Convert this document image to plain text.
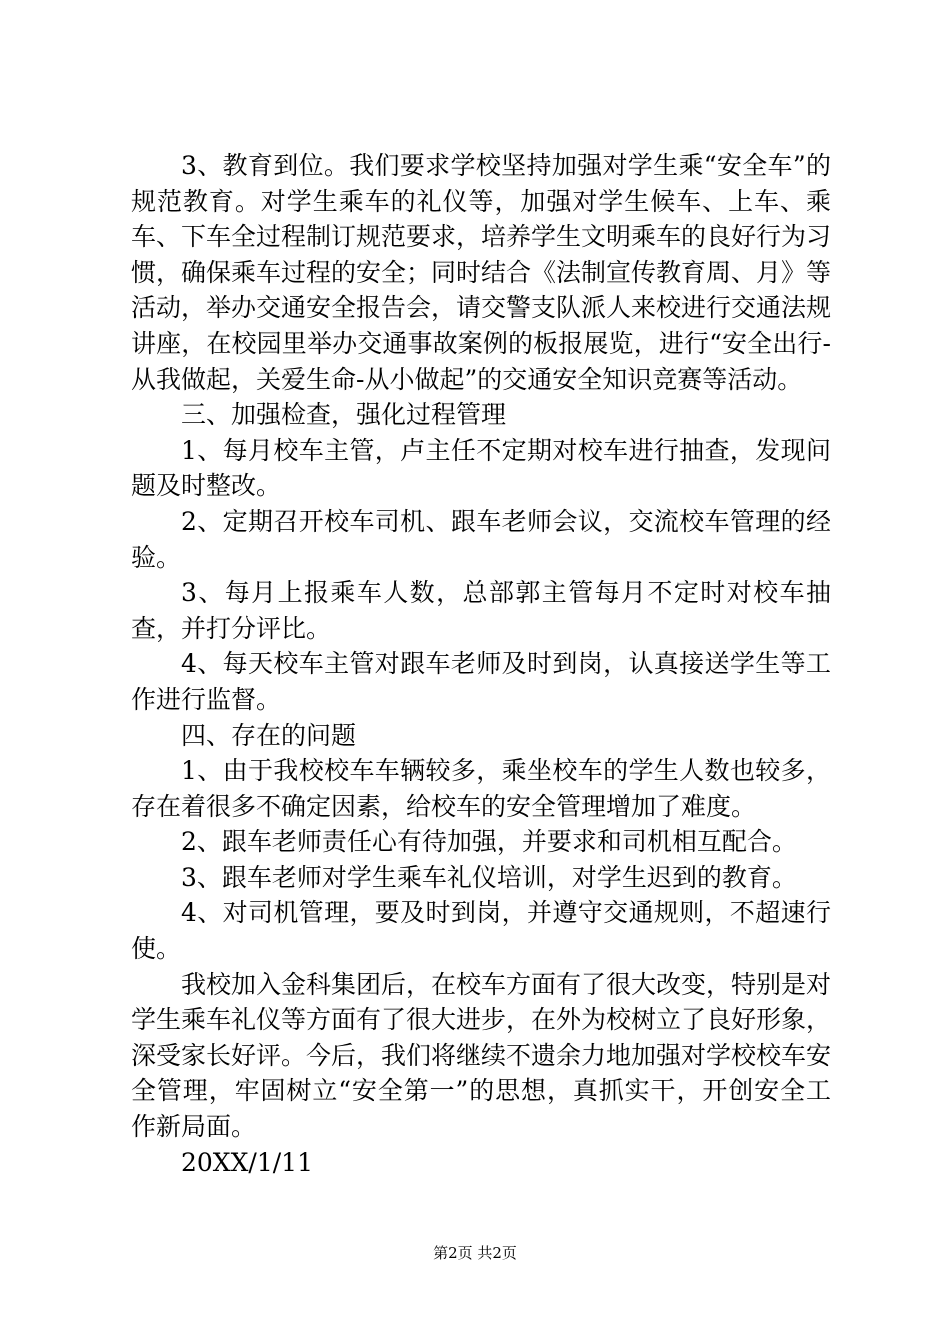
3、教育到位。我们要求学校坚持加强对学生乘“安全车”的规范教育。对学生乘车的礼仪等，加强对学生候车、上车、乘车、下车全过程制订规范要求，培养学生文明乘车的良好行为习惯，确保乘车过程的安全；同时结合《法制宣传教育周、月》等活动，举办交通安全报告会，请交警支队派人来校进行交通法规讲座，在校园里举办交通事故案例的板报展览，进行“安全出行-从我做起，关爱生命-从小做起”的交通安全知识竞赛等活动。

三、加强检查，强化过程管理

1、每月校车主管，卢主任不定期对校车进行抽查，发现问题及时整改。

2、定期召开校车司机、跟车老师会议，交流校车管理的经验。

3、每月上报乘车人数，总部郭主管每月不定时对校车抽查，并打分评比。

4、每天校车主管对跟车老师及时到岗，认真接送学生等工作进行监督。

四、存在的问题

1、由于我校校车车辆较多，乘坐校车的学生人数也较多，存在着很多不确定因素，给校车的安全管理增加了难度。

2、跟车老师责任心有待加强，并要求和司机相互配合。

3、跟车老师对学生乘车礼仪培训，对学生迟到的教育。

4、对司机管理，要及时到岗，并遵守交通规则，不超速行使。

我校加入金科集团后，在校车方面有了很大改变，特别是对学生乘车礼仪等方面有了很大进步，在外为校树立了良好形象，深受家长好评。今后，我们将继续不遗余力地加强对学校校车安全管理，牢固树立“安全第一”的思想，真抓实干，开创安全工作新局面。

20XX/1/11

第2页 共2页
